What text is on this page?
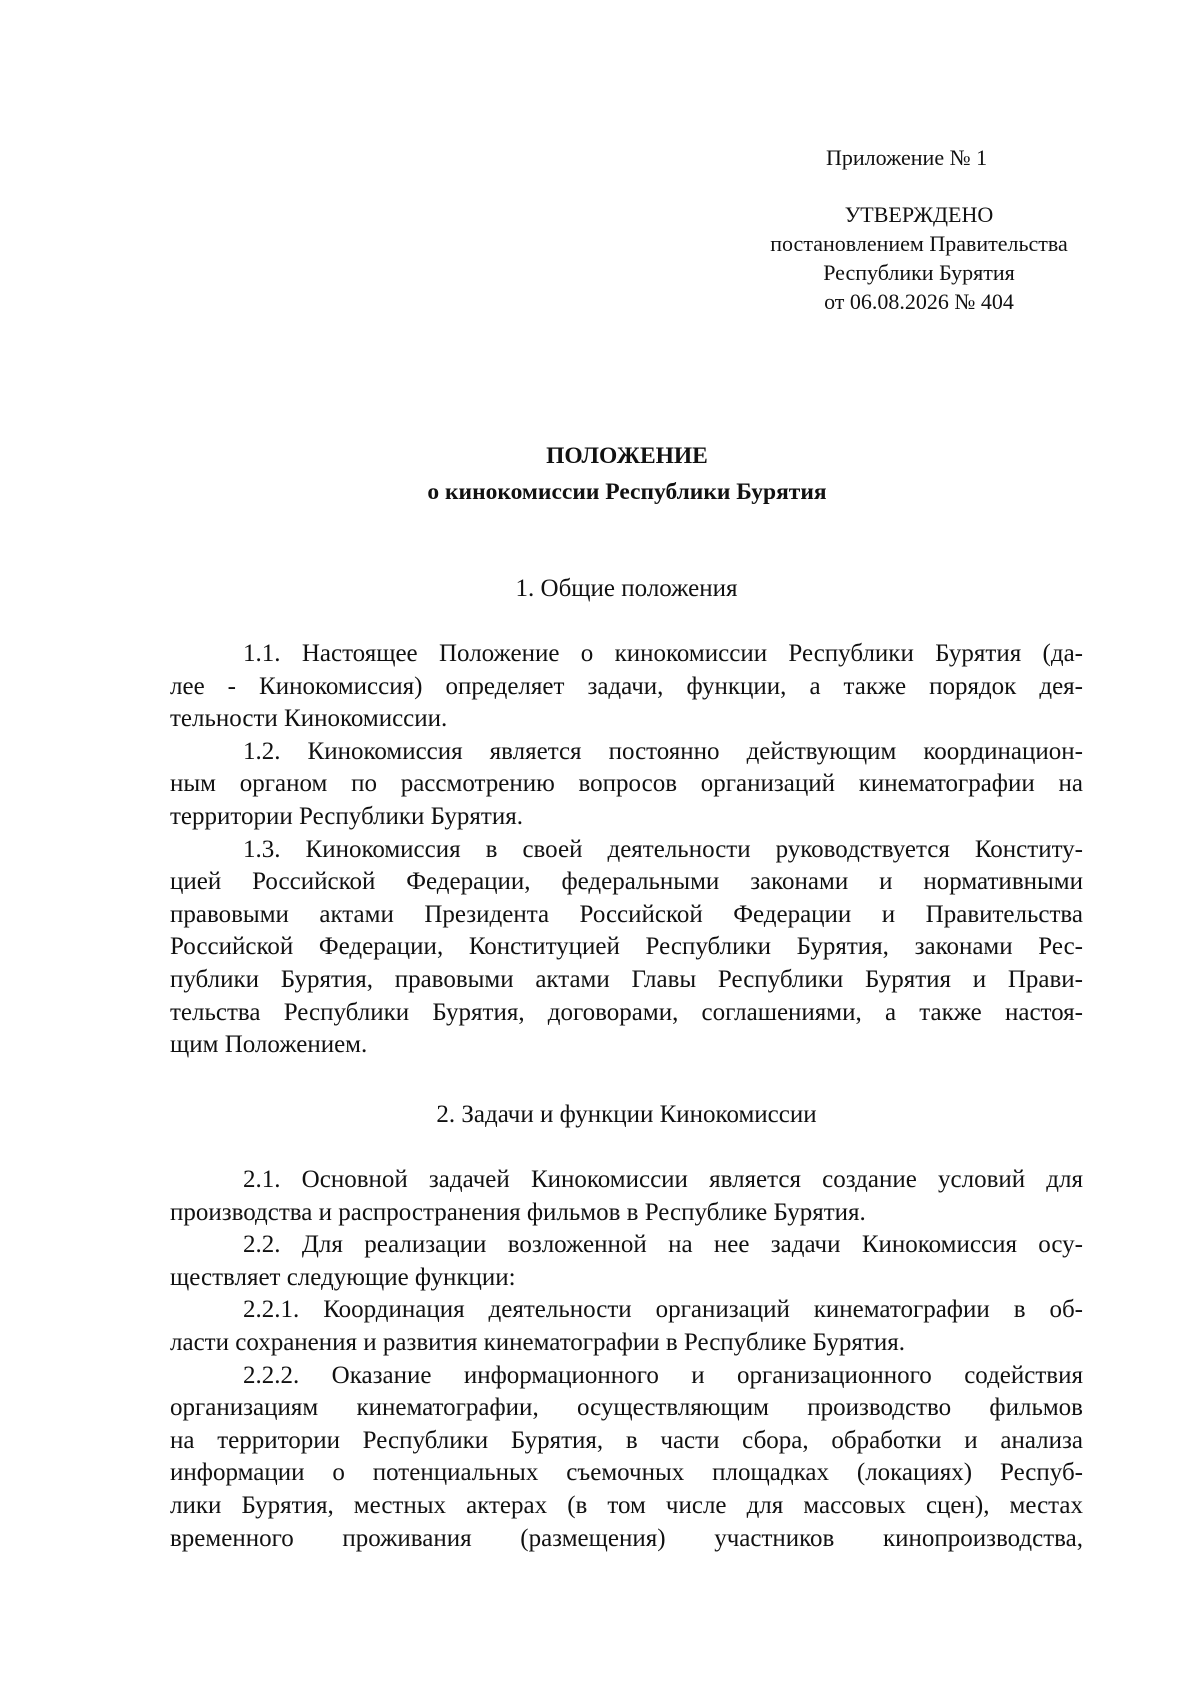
Приложение № 1
УТВЕРЖДЕНО
постановлением Правительства
Республики Бурятия
от 06.08.2026 № 404
ПОЛОЖЕНИЕ
о кинокомиссии Республики Бурятия
1. Общие положения

1.1. Настоящее Положение о кинокомиссии Республики Бурятия (да-
лее - Кинокомиссия) определяет задачи, функции, а также порядок дея-
тельности Кинокомиссии.

1.2. Кинокомиссия является постоянно действующим координацион-
ным органом по рассмотрению вопросов организаций кинематографии на
территории Республики Бурятия.

1.3. Кинокомиссия в своей деятельности руководствуется Конститу-
цией Российской Федерации, федеральными законами и нормативными
правовыми актами Президента Российской Федерации и Правительства
Российской Федерации, Конституцией Республики Бурятия, законами Рес-
публики Бурятия, правовыми актами Главы Республики Бурятия и Прави-
тельства Республики Бурятия, договорами, соглашениями, а также настоя-
щим Положением.

2. Задачи и функции Кинокомиссии

2.1. Основной задачей Кинокомиссии является создание условий для
производства и распространения фильмов в Республике Бурятия.

2.2. Для реализации возложенной на нее задачи Кинокомиссия осу-
ществляет следующие функции:

2.2.1. Координация деятельности организаций кинематографии в об-
ласти сохранения и развития кинематографии в Республике Бурятия.

2.2.2. Оказание информационного и организационного содействия
организациям кинематографии, осуществляющим производство фильмов
на территории Республики Бурятия, в части сбора, обработки и анализа
информации о потенциальных съемочных площадках (локациях) Респуб-
лики Бурятия, местных актерах (в том числе для массовых сцен), местах
временного проживания (размещения) участников кинопроизводства,
